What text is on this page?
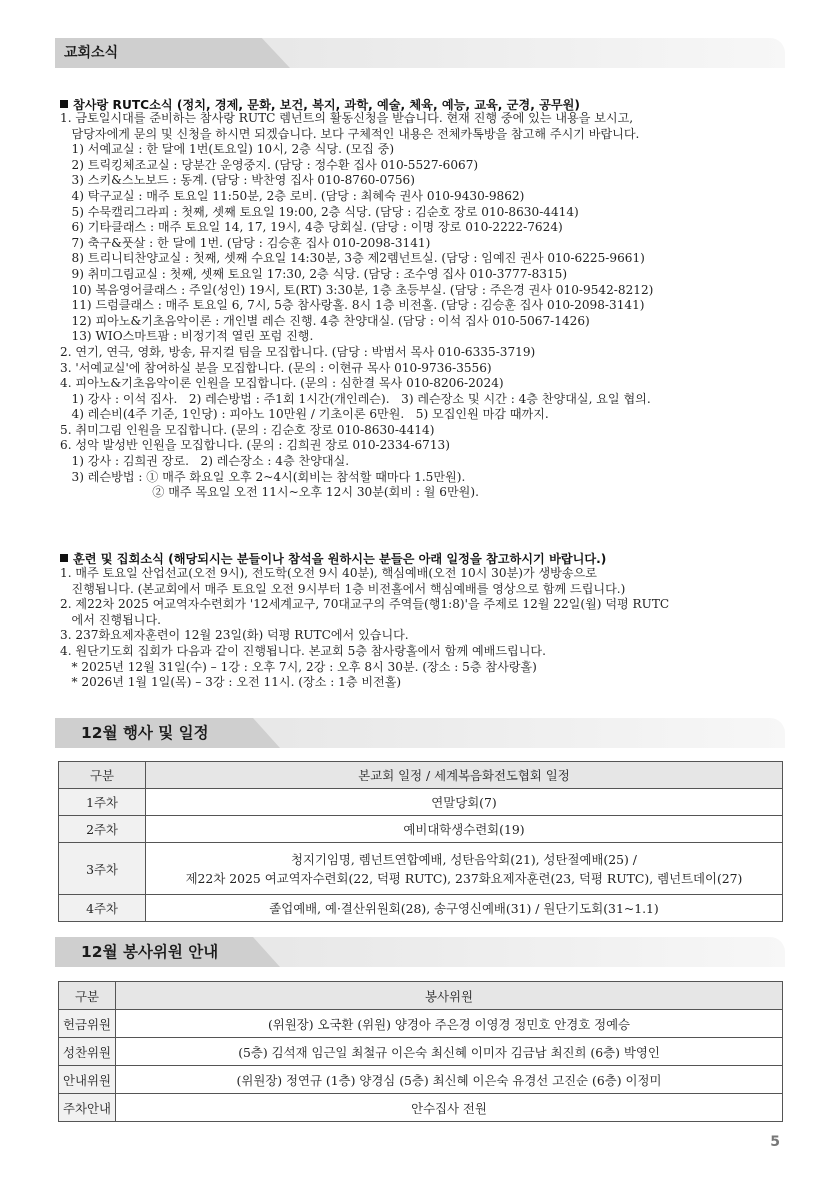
교회소식
참사랑 RUTC소식 (정치, 경제, 문화, 보건, 복지, 과학, 예술, 체육, 예능, 교육, 군경, 공무원)
1. 금토일시대를 준비하는 참사랑 RUTC 렘넌트의 활동신청을 받습니다. 현재 진행 중에 있는 내용을 보시고,
담당자에게 문의 및 신청을 하시면 되겠습니다. 보다 구체적인 내용은 전체카톡방을 참고해 주시기 바랍니다.
1) 서예교실 : 한 달에 1번(토요일) 10시, 2층 식당. (모집 중)
2) 트릭킹체조교실 : 당분간 운영중지. (담당 : 정수환 집사 010-5527-6067)
3) 스키&스노보드 : 동계. (담당 : 박찬영 집사 010-8760-0756)
4) 탁구교실 : 매주 토요일 11:50분, 2층 로비. (담당 : 최혜숙 권사 010-9430-9862)
5) 수묵캘리그라피 : 첫째, 셋째 토요일 19:00, 2층 식당. (담당 : 김순호 장로 010-8630-4414)
6) 기타클래스 : 매주 토요일 14, 17, 19시, 4층 당회실. (담당 : 이명 장로 010-2222-7624)
7) 축구&풋살 : 한 달에 1번. (담당 : 김승훈 집사 010-2098-3141)
8) 트리니티찬양교실 : 첫째, 셋째 수요일 14:30분, 3층 제2렘넌트실. (담당 : 임예진 권사 010-6225-9661)
9) 취미그림교실 : 첫째, 셋째 토요일 17:30, 2층 식당. (담당 : 조수영 집사 010-3777-8315)
10) 복음영어클래스 : 주일(성인) 19시, 토(RT) 3:30분, 1층 초등부실. (담당 : 주은경 권사 010-9542-8212)
11) 드럼클래스 : 매주 토요일 6, 7시, 5층 참사랑홀. 8시 1층 비전홀. (담당 : 김승훈 집사 010-2098-3141)
12) 피아노&기초음악이론 : 개인별 레슨 진행. 4층 찬양대실. (담당 : 이석 집사 010-5067-1426)
13) WIO스마트팜 : 비정기적 열린 포럼 진행.
2. 연기, 연극, 영화, 방송, 뮤지컬 팀을 모집합니다. (담당 : 박범서 목사 010-6335-3719)
3. '서예교실'에 참여하실 분을 모집합니다. (문의 : 이현규 목사 010-9736-3556)
4. 피아노&기초음악이론 인원을 모집합니다. (문의 : 심한결 목사 010-8206-2024)
1) 강사 : 이석 집사.   2) 레슨방법 : 주1회 1시간(개인레슨).   3) 레슨장소 및 시간 : 4층 찬양대실, 요일 협의.
4) 레슨비(4주 기준, 1인당) : 피아노 10만원 / 기초이론 6만원.   5) 모집인원 마감 때까지.
5. 취미그림 인원을 모집합니다. (문의 : 김순호 장로 010-8630-4414)
6. 성악 발성반 인원을 모집합니다. (문의 : 김희권 장로 010-2334-6713)
1) 강사 : 김희권 장로.   2) 레슨장소 : 4층 찬양대실.
3) 레슨방법 : ① 매주 화요일 오후 2~4시(회비는 참석할 때마다 1.5만원).
② 매주 목요일 오전 11시~오후 12시 30분(회비 : 월 6만원).
훈련 및 집회소식 (해당되시는 분들이나 참석을 원하시는 분들은 아래 일정을 참고하시기 바랍니다.)
1. 매주 토요일 산업선교(오전 9시), 전도학(오전 9시 40분), 핵심예배(오전 10시 30분)가 생방송으로
진행됩니다. (본교회에서 매주 토요일 오전 9시부터 1층 비전홀에서 핵심예배를 영상으로 함께 드립니다.)
2. 제22차 2025 여교역자수련회가 '12세계교구, 70대교구의 주역들(행1:8)'을 주제로 12월 22일(월) 덕평 RUTC
에서 진행됩니다.
3. 237화요제자훈련이 12월 23일(화) 덕평 RUTC에서 있습니다.
4. 원단기도회 집회가 다음과 같이 진행됩니다. 본교회 5층 참사랑홀에서 함께 예배드립니다.
* 2025년 12월 31일(수) – 1강 : 오후 7시, 2강 : 오후 8시 30분. (장소 : 5층 참사랑홀)
* 2026년 1월 1일(목) – 3강 : 오전 11시. (장소 : 1층 비전홀)
12월 행사 및 일정
구분	본교회 일정 / 세계복음화전도협회 일정
1주차	연말당회(7)

2주차	예비대학생수련회(19)

3주차	청지기임명, 렘넌트연합예배, 성탄음악회(21), 성탄절예배(25) /
제22차 2025 여교역자수련회(22, 덕평 RUTC), 237화요제자훈련(23, 덕평 RUTC), 렘넌트데이(27)

4주차	졸업예배, 예·결산위원회(28), 송구영신예배(31) / 원단기도회(31~1.1)
12월 봉사위원 안내
구분	봉사위원
헌금위원	(위원장) 오국환 (위원) 양경아 주은경 이영경 정민호 안경호 정예승
성찬위원	(5층) 김석재 임근일 최철규 이은숙 최신혜 이미자 김금남 최진희 (6층) 박영인
안내위원	(위원장) 정연규 (1층) 양경심 (5층) 최신혜 이은숙 유경선 고진순 (6층) 이정미
주차안내	안수집사 전원
5
